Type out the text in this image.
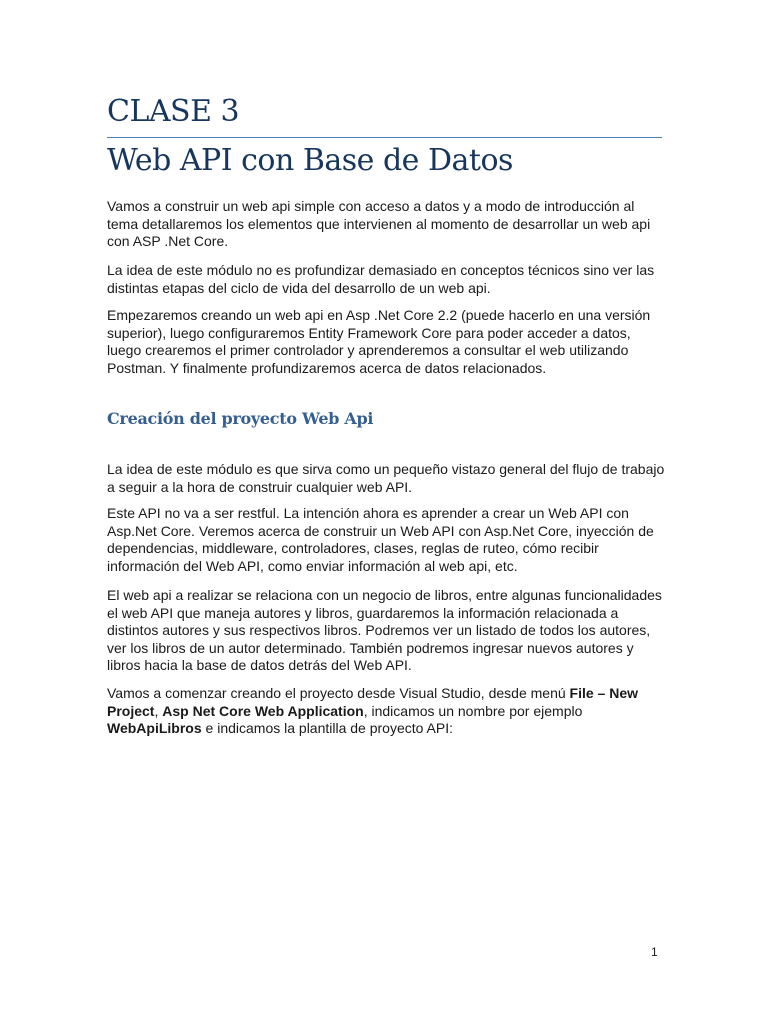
CLASE 3
Web API con Base de Datos

Vamos a construir un web api simple con acceso a datos y a modo de introducción al tema detallaremos los elementos que intervienen al momento de desarrollar un web api con ASP .Net Core.

La idea de este módulo no es profundizar demasiado en conceptos técnicos sino ver las distintas etapas del ciclo de vida del desarrollo de un web api.

Empezaremos creando un web api en Asp .Net Core 2.2 (puede hacerlo en una versión superior), luego configuraremos Entity Framework Core para poder acceder a datos, luego crearemos el primer controlador y aprenderemos a consultar el web utilizando Postman. Y finalmente profundizaremos acerca de datos relacionados.

Creación del proyecto Web Api

La idea de este módulo es que sirva como un pequeño vistazo general del flujo de trabajo a seguir a la hora de construir cualquier web API.

Este API no va a ser restful. La intención ahora es aprender a crear un Web API con Asp.Net Core. Veremos acerca de construir un Web API con Asp.Net Core, inyección de dependencias, middleware, controladores, clases, reglas de ruteo, cómo recibir información del Web API, como enviar información al web api, etc.

El web api a realizar se relaciona con un negocio de libros, entre algunas funcionalidades el web API que maneja autores y libros, guardaremos la información relacionada a distintos autores y sus respectivos libros. Podremos ver un listado de todos los autores, ver los libros de un autor determinado. También podremos ingresar nuevos autores y libros hacia la base de datos detrás del Web API.

Vamos a comenzar creando el proyecto desde Visual Studio, desde menú File – New Project, Asp Net Core Web Application, indicamos un nombre por ejemplo WebApiLibros e indicamos la plantilla de proyecto API:

1
